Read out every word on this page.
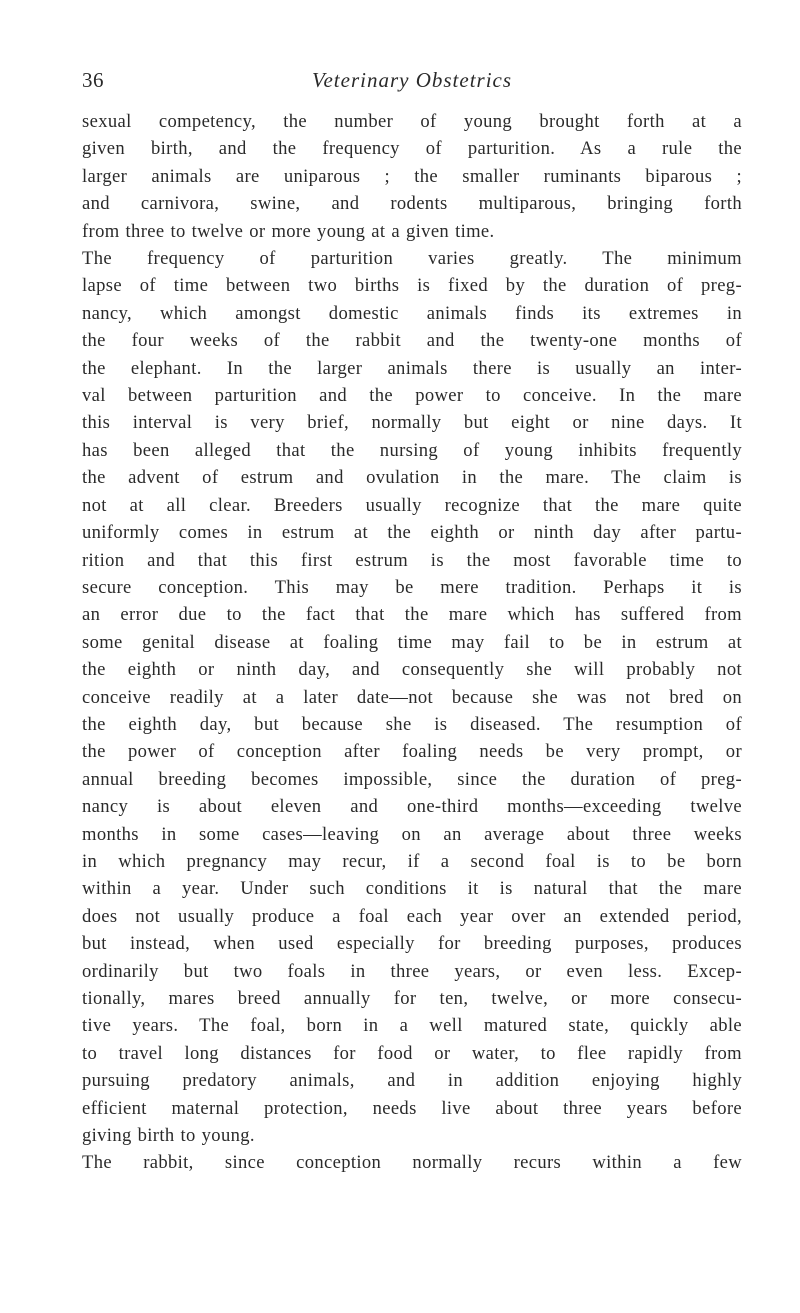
36	Veterinary Obstetrics
sexual competency, the number of young brought forth at a
given birth, and the frequency of parturition. As a rule the
larger animals are uniparous ; the smaller ruminants biparous ;
and carnivora, swine, and rodents multiparous, bringing forth
from three to twelve or more young at a given time.
The frequency of parturition varies greatly. The minimum
lapse of time between two births is fixed by the duration of preg-
nancy, which amongst domestic animals finds its extremes in
the four weeks of the rabbit and the twenty-one months of
the elephant. In the larger animals there is usually an inter-
val between parturition and the power to conceive. In the mare
this interval is very brief, normally but eight or nine days. It
has been alleged that the nursing of young inhibits frequently
the advent of estrum and ovulation in the mare. The claim is
not at all clear. Breeders usually recognize that the mare quite
uniformly comes in estrum at the eighth or ninth day after partu-
rition and that this first estrum is the most favorable time to
secure conception. This may be mere tradition. Perhaps it is
an error due to the fact that the mare which has suffered from
some genital disease at foaling time may fail to be in estrum at
the eighth or ninth day, and consequently she will probably not
conceive readily at a later date—not because she was not bred on
the eighth day, but because she is diseased. The resumption of
the power of conception after foaling needs be very prompt, or
annual breeding becomes impossible, since the duration of preg-
nancy is about eleven and one-third months—exceeding twelve
months in some cases—leaving on an average about three weeks
in which pregnancy may recur, if a second foal is to be born
within a year. Under such conditions it is natural that the mare
does not usually produce a foal each year over an extended period,
but instead, when used especially for breeding purposes, produces
ordinarily but two foals in three years, or even less. Excep-
tionally, mares breed annually for ten, twelve, or more consecu-
tive years. The foal, born in a well matured state, quickly able
to travel long distances for food or water, to flee rapidly from
pursuing predatory animals, and in addition enjoying highly
efficient maternal protection, needs live about three years before
giving birth to young.
The rabbit, since conception normally recurs within a few
